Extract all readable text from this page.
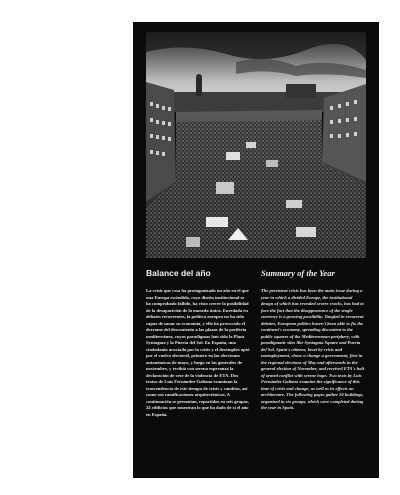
Balance del año

La crisis que cesa ha protagonizado un año en el que una Europa escindida, cuyo diseño institucional se ha comprobado fallido, ha visto crecer la posibilidad de la desaparición de la moneda única. Enredada en debates recurrentes, la política europea no ha sido capaz de sanar su economía, y ello ha provocado el derrame del descontento a las plazas de la periferia mediterránea, cuyos paradigmas han sido la Plaza Syntagma y la Puerta del Sol. En España, una ciudadanía acuciada por la crisis y el desempleo optó por el vuelco electoral, primero en las elecciones autonómicas de mayo, y luego en las generales de noviembre, y recibió con serena esperanza la declaración de cese de la violencia de ETA. Dos textos de Luis Fernández-Galiano examinan la trascendencia de este tiempo de crisis y cambios, así como sus ramificaciones arquitectónicas. A continuación se presentan, repartidos en seis grupos, 24 edificios que muestran lo que ha dado de sí el año en España.

Summary of the Year

The persistent crisis has been the main issue during a year in which a divided Europe, the institutional design of which has revealed severe cracks, has had to face the fact that the disappearance of the single currency is a growing possibility. Tangled in recurrent debates, European politics haven't been able to fix the continent's economy, spreading discontent to the public squares of the Mediterranean periphery, with paradigmatic sites like Syntagma Square and Puerta del Sol. Spain's citizens, beset by crisis and unemployment, chose a change a government, first in the regional elections of May and afterwards in the general election of November, and received ETA's halt of armed conflict with serene hope. Two texts by Luis Fernández-Galiano examine the significance of this time of crisis and change, as well as its effects on architecture. The following pages gather 24 buildings, organized in six groups, which were completed during the year in Spain.
